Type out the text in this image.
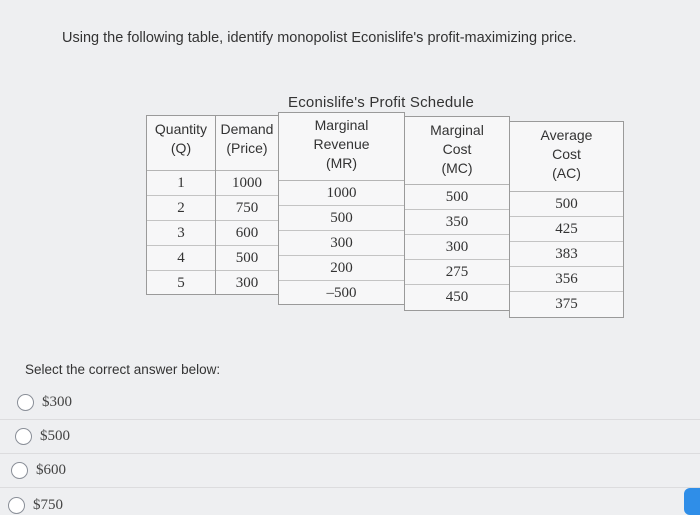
Using the following table, identify monopolist Econislife's profit-maximizing price.
Econislife's Profit Schedule
Quantity
(Q)
1
2
3
4
5
Demand
(Price)
1000
750
600
500
300
Marginal
Revenue
(MR)
1000
500
300
200
–500
Marginal
Cost
(MC)
500
350
300
275
450
Average
Cost
(AC)
500
425
383
356
375
Select the correct answer below:
$300
$500
$600
$750
